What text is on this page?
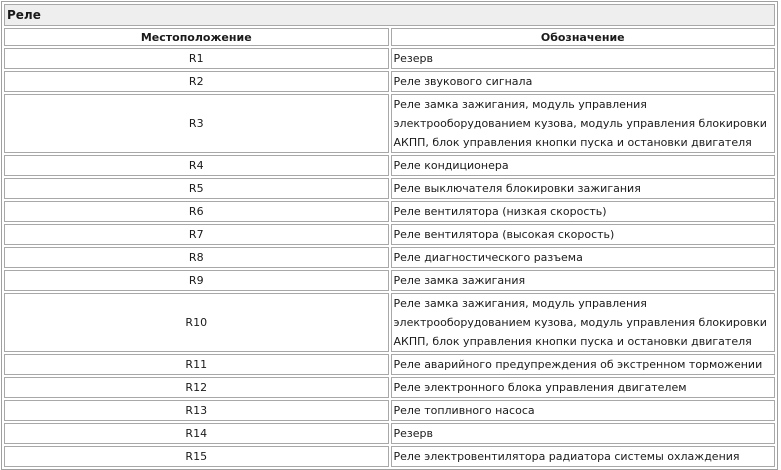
Реле	
Местоположение	Обозначение
R1	Резерв
R2	Реле звукового сигнала
R3	Реле замка зажигания, модуль управления электрооборудованием кузова, модуль управления блокировки АКПП, блок управления кнопки пуска и остановки двигателя
R4	Реле кондиционера
R5	Реле выключателя блокировки зажигания
R6	Реле вентилятора (низкая скорость)
R7	Реле вентилятора (высокая скорость)
R8	Реле диагностического разъема
R9	Реле замка зажигания
R10	Реле замка зажигания, модуль управления электрооборудованием кузова, модуль управления блокировки АКПП, блок управления кнопки пуска и остановки двигателя
R11	Реле аварийного предупреждения об экстренном торможении
R12	Реле электронного блока управления двигателем
R13	Реле топливного насоса
R14	Резерв
R15	Реле электровентилятора радиатора системы охлаждения
